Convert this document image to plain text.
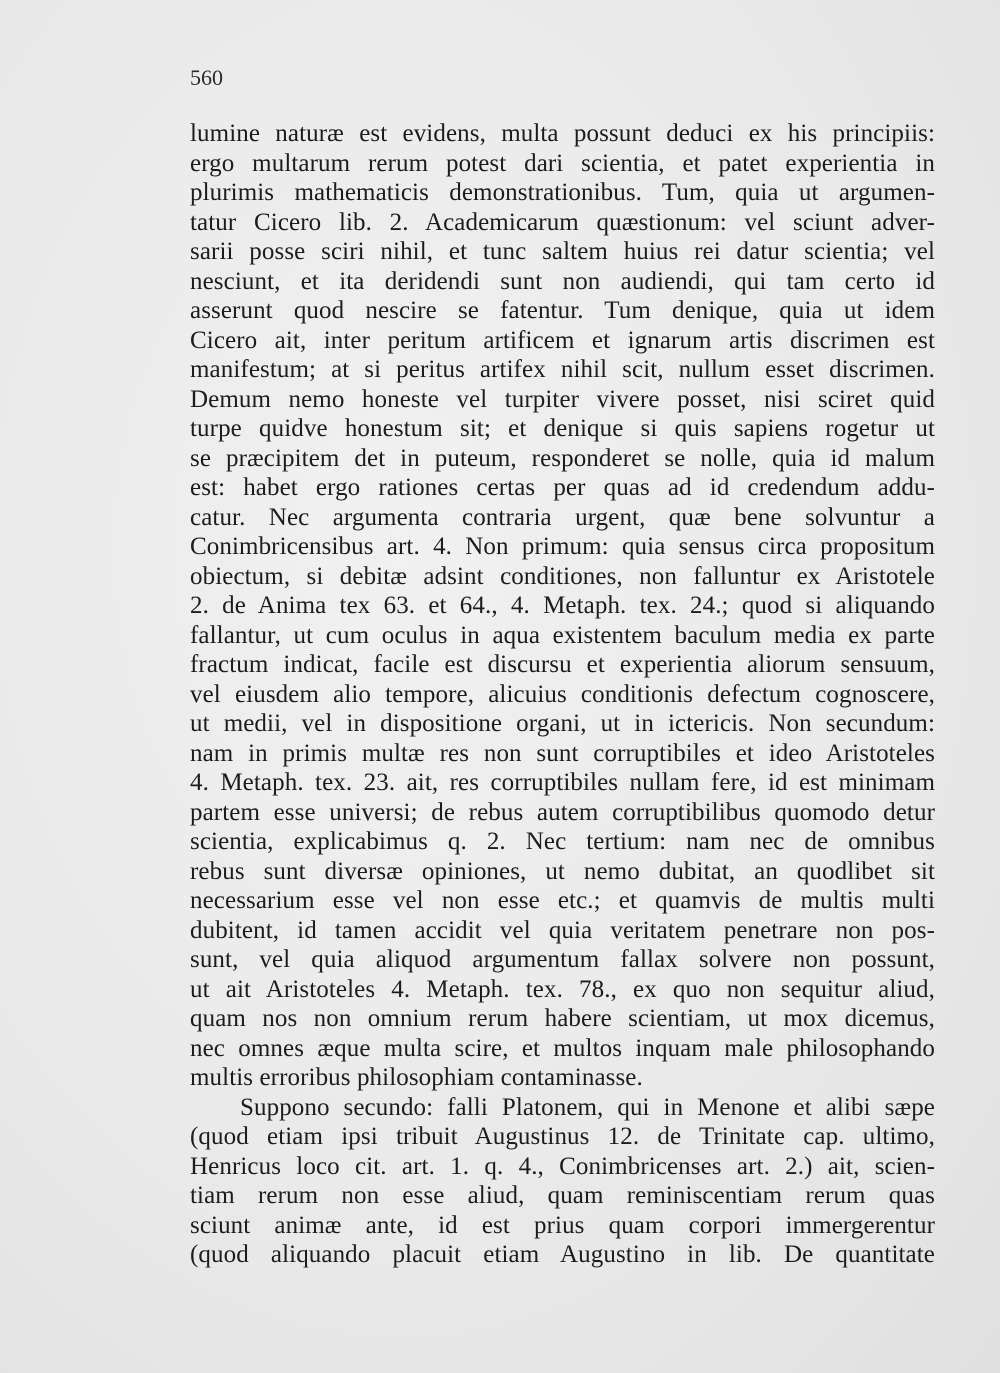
560
lumine naturæ est evidens, multa possunt deduci ex his principiis:
ergo multarum rerum potest dari scientia, et patet experientia in
plurimis mathematicis demonstrationibus. Tum, quia ut argumen-
tatur Cicero lib. 2. Academicarum quæstionum: vel sciunt adver-
sarii posse sciri nihil, et tunc saltem huius rei datur scientia; vel
nesciunt, et ita deridendi sunt non audiendi, qui tam certo id
asserunt quod nescire se fatentur. Tum denique, quia ut idem
Cicero ait, inter peritum artificem et ignarum artis discrimen est
manifestum; at si peritus artifex nihil scit, nullum esset discrimen.
Demum nemo honeste vel turpiter vivere posset, nisi sciret quid
turpe quidve honestum sit; et denique si quis sapiens rogetur ut
se præcipitem det in puteum, responderet se nolle, quia id malum
est: habet ergo rationes certas per quas ad id credendum addu-
catur. Nec argumenta contraria urgent, quæ bene solvuntur a
Conimbricensibus art. 4. Non primum: quia sensus circa propositum
obiectum, si debitæ adsint conditiones, non falluntur ex Aristotele
2. de Anima tex 63. et 64., 4. Metaph. tex. 24.; quod si aliquando
fallantur, ut cum oculus in aqua existentem baculum media ex parte
fractum indicat, facile est discursu et experientia aliorum sensuum,
vel eiusdem alio tempore, alicuius conditionis defectum cognoscere,
ut medii, vel in dispositione organi, ut in ictericis. Non secundum:
nam in primis multæ res non sunt corruptibiles et ideo Aristoteles
4. Metaph. tex. 23. ait, res corruptibiles nullam fere, id est minimam
partem esse universi; de rebus autem corruptibilibus quomodo detur
scientia, explicabimus q. 2. Nec tertium: nam nec de omnibus
rebus sunt diversæ opiniones, ut nemo dubitat, an quodlibet sit
necessarium esse vel non esse etc.; et quamvis de multis multi
dubitent, id tamen accidit vel quia veritatem penetrare non pos-
sunt, vel quia aliquod argumentum fallax solvere non possunt,
ut ait Aristoteles 4. Metaph. tex. 78., ex quo non sequitur aliud,
quam nos non omnium rerum habere scientiam, ut mox dicemus,
nec omnes æque multa scire, et multos inquam male philosophando
multis erroribus philosophiam contaminasse.
Suppono secundo: falli Platonem, qui in Menone et alibi sæpe
(quod etiam ipsi tribuit Augustinus 12. de Trinitate cap. ultimo,
Henricus loco cit. art. 1. q. 4., Conimbricenses art. 2.) ait, scien-
tiam rerum non esse aliud, quam reminiscentiam rerum quas
sciunt animæ ante, id est prius quam corpori immergerentur
(quod aliquando placuit etiam Augustino in lib. De quantitate
